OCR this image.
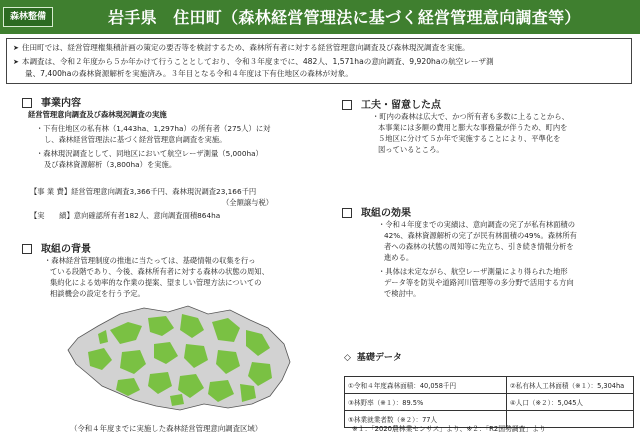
森林整備	岩手県　住田町（森林経営管理法に基づく経営管理意向調査等）
➤ 住田町では、経営管理権集積計画の策定の要否等を検討するため、森林所有者に対する経営管理意向調査及び森林現況調査を実施。
➤ 本調査は、令和２年度から５か年かけて行うこととしており、令和３年度までに、482人、1,571haの意向調査、9,920haの航空レーザ測
量、7,400haの森林資源解析を実施済み。３年目となる令和４年度は下有住地区の森林が対象。
事業内容
経営管理意向調査及び森林現況調査の実施
・下有住地区の私有林（1,443ha、1,297ha）の所有者（275人）に対
し、森林経営管理法に基づく経営管理意向調査を実施。
・森林現況調査として、同地区において航空レーザ測量（5,000ha）
及び森林資源解析（3,800ha）を実施。
【事 業 費】経営管理意向調査3,366千円、森林現況調査23,166千円
（全額譲与税）
【実　　績】意向確認所有者182人、意向調査面積864ha
取組の背景
・森林経営管理制度の推進に当たっては、基礎情報の収集を行っ
ている段階であり、今後、森林所有者に対する森林の状態の周知、
集約化による効率的な作業の提案、望ましい管理方法についての
相談機会の設定を行う予定。
（令和４年度までに実施した森林経営管理意向調査区域）
工夫・留意した点
・町内の森林は広大で、かつ所有者も多数に上ることから、
本事業には多額の費用と膨大な事務量が伴うため、町内を
５地区に分けて５か年で実施することにより、平準化を
図っているところ。
取組の効果
・令和４年度までの実績は、意向調査の完了が私有林面積の
42%、森林資源解析の完了が民有林面積の49%。森林所有
者への森林の状態の周知等に先立ち、引き続き情報分析を
進める。
・具体は未定ながら、航空レーザ測量により得られた地形
データ等を防災や道路河川管理等の多分野で活用する方向
で検討中。
◇ 基礎データ
①令和４年度森林面積：40,058千円	②私有林人工林面積（※１）：5,304ha
③林野率（※１）：89.5%	④人口（※２）：5,045人
⑤林業就業者数（※２）：77人	
※１：「2020農林業センサス」より、※２：「R2国勢調査」より
